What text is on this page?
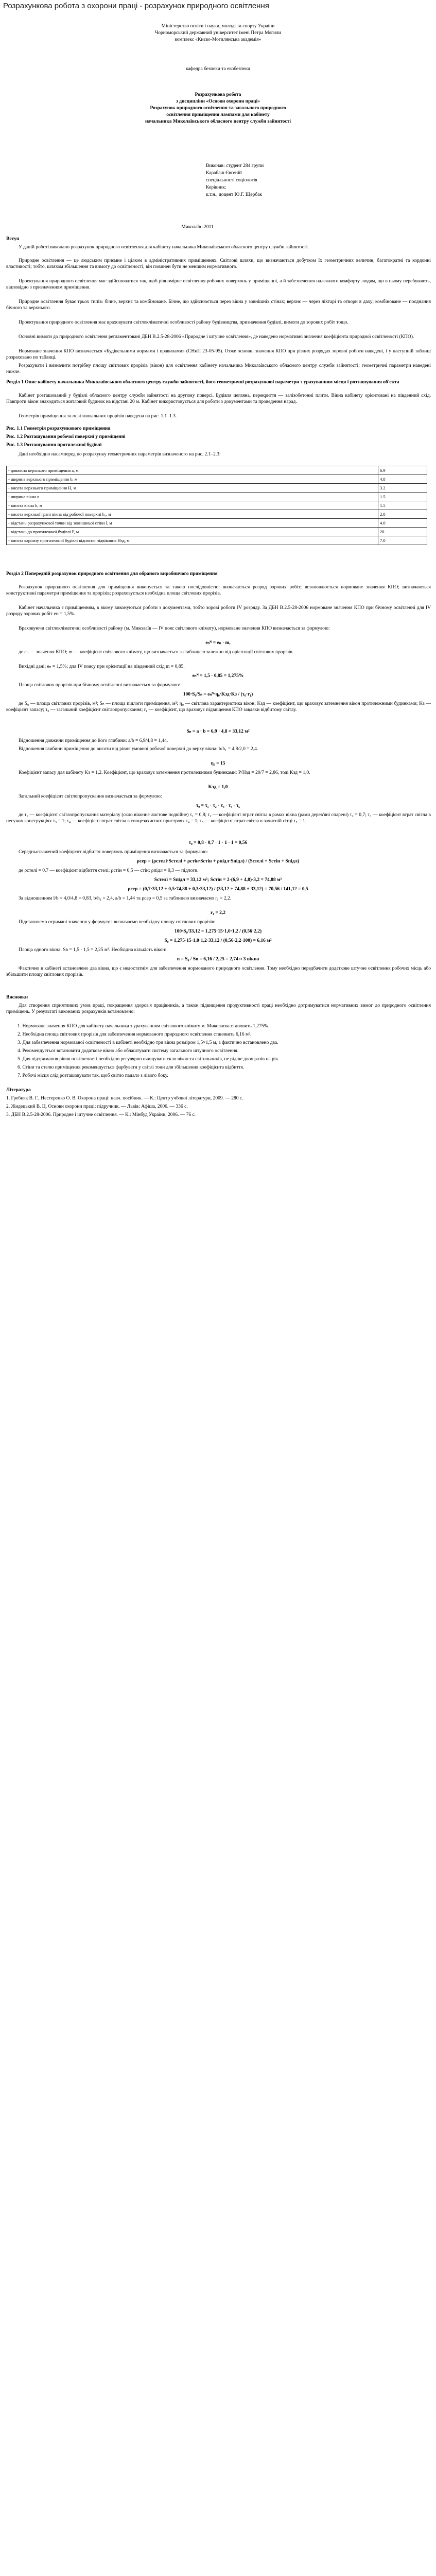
Розрахункова робота з охорони праці - розрахунок природного освітлення
Міністерство освіти і науки, молоді та спорту України
Чорноморський державний університет імені Петра Могили
комплекс «Києво-Могилянська академія»
кафедра безпеки та екобезпеки
Розрахункова робота
з дисципліни «Основи охорони праці»
Розрахунок природного освітлення та загального природного
освітлення приміщення лампами для кабінету
начальника Миколаївського обласного центру служби зайнятості
Виконав: студент 284 групи
Карабаш Євгеній
спеціальності соціологія
Керівник:
к.т.н., доцент Ю.Г. Щербак
Миколаїв -2011
Вступ
У даній роботі виконано розрахунок природного освітлення для кабінету начальника Миколаївського обласного центру служби зайнятості.
Природне освітлення — це людським приємне і цілком в адміністративних приміщеннях. Світлові шляхи, що визначаються добутком їх геометричних величин, багатократні та кордонні властивості; тобто, шляхом збільшення та вимогу до освітленості, вiн повинен бути не меншим нормативного.
Проектування природного освітлення має здійснюватися так, щоб рівномірне освітлення робочих поверхонь у приміщенні, а й забезпечення належного комфорту людям, що в ньому перебувають, відповідно з призначенням приміщення.
Природне освітлення буває трьох типів: бічне, верхнє та комбіноване. Бічне, що здійснюється через вікна у зовнішніх стінах; верхнє — через ліхтарі та отвори в даху; комбіноване — поєднання бічного та верхнього.
Проектування природного освітлення має враховувати світлокліматичні особливості району будівництва, призначення будівлі, вимоги до зорових робіт тощо.
Основні вимоги до природного освітлення регламентовані ДБН В.2.5-28-2006 «Природне і штучне освітлення», де наведено нормативні значення коефіцієнта природної освітленості (КПО).
Нормоване значення КПО визначається «Будівельними нормами і правилами» (СНиП 23-05-95). Отже основні значення КПО при різних розрядах зорової роботи наведені, і у наступній таблиці розраховано по таблиці.
Розрахувати і визначити потрібну площу світлових прорізів (вікон) для освітлення кабінету начальника Миколаївського обласного центру служби зайнятості; геометричні параметри наведені нижче.
Розділ 1 Опис кабінету начальника Миколаївського обласного центру служби зайнятості, його геометричні розрахункові параметри з урахуванням місця і розташування об'єкта
Кабінет розташований у будівлі обласного центру служби зайнятості на другому поверсі. Будівля цегляна, перекриття — залізобетонні плити. Вікна кабінету орієнтовані на південний схід. Навпроти вікон знаходиться житловий будинок на відстані 20 м. Кабінет використовується для роботи з документами та проведення нарад.
Геометрія приміщення та освітлювальних прорізів наведена на рис. 1.1–1.3.
Рис. 1.1 Геометрія розрахункового приміщення
Рис. 1.2 Розташування робочої поверхні у приміщенні
Рис. 1.3 Розташування протилежної будівлі
Дані необхідно насамперед по розрахунку геометричних параметрів визначеного на рис. 2.1–2.3:
- довжина верхнього приміщення a, м	6.9
- ширина верхнього приміщення b, м	4.8
- висота верхнього приміщення H, м	3.2
- ширина вікна в	1.5
- висота вікна h, м	1.5
- висота верхньої грані вікна від робочої поверхні h₁, м	2.0
- відстань розрахункової точки від зовнішньої стіни l, м	4.0
- відстань до протилежної будівлі P, м	20
- висота карнизу протилежної будівлі відносно підвіконня Hзд, м	7.0
Розділ 2 Попередній розрахунок природного освітлення для обраного виробничого приміщення
Розрахунок природного освітлення для приміщення виконується за такою послідовністю: визначається розряд зорових робіт; встановлюється нормоване значення КПО; визначаються конструктивні параметри приміщення та прорізів; розраховується необхідна площа світлових прорізів.
Кабінет начальника є приміщенням, в якому виконуються роботи з документами, тобто зорові роботи IV розряду. За ДБН В.2.5-28-2006 нормоване значення КПО при бічному освітленні для IV розряду зорових робіт eн = 1,5%.
Враховуючи світлокліматичні особливості району (м. Миколаїв — IV пояс світлового клімату), нормоване значення КПО визначається за формулою:
eₙᴺ = eₙ · m,
де eₙ — значення КПО; m — коефіцієнт світлового клімату, що визначається за таблицею залежно від орієнтації світлових прорізів.
Вихідні дані: eₙ = 1,5%; для IV поясу при орієнтації на південний схід m = 0,85.
eₙᴺ = 1,5 · 0,85 = 1,275%
Площа світлових прорізів при бічному освітленні визначається за формулою:
100·S₀/Sₙ = eₙᴺ·η₀·Kзд·Kз / (τ₀·r₁)
де S₀ — площа світлових прорізів, м²; Sₙ — площа підлоги приміщення, м²; η₀ — світлова характеристика вікон; Kзд — коефіцієнт, що враховує затемнення вікон протилежними будинками; Kз — коефіцієнт запасу; τ₀ — загальний коефіцієнт світлопропускання; r₁ — коефіцієнт, що враховує підвищення КПО завдяки відбитому світлу.
Sₙ = a · b = 6,9 · 4,8 = 33,12 м²
Відношення довжини приміщення до його глибини: a/b = 6,9/4,8 = 1,44.
Відношення глибини приміщення до висоти від рівня умовної робочої поверхні до верху вікна: b/h₁ = 4,8/2,0 = 2,4.
η₀ = 15
Коефіцієнт запасу для кабінету Kз = 1,2. Коефіцієнт, що враховує затемнення протилежними будинками: P/Hзд = 20/7 = 2,86, тоді Kзд = 1,0.
Kзд = 1,0
Загальний коефіцієнт світлопропускання визначається за формулою:
τ₀ = τ₁ · τ₂ · τ₃ · τ₄ · τ₅
де τ₁ — коефіцієнт світлопропускання матеріалу (скло віконне листове подвійне) τ₁ = 0,8; τ₂ — коефіцієнт втрат світла в рамах вікна (рами дерев'яні спарені) τ₂ = 0,7; τ₃ — коефіцієнт втрат світла в несучих конструкціях τ₃ = 1; τ₄ — коефіцієнт втрат світла в сонцезахисних пристроях τ₄ = 1; τ₅ — коефіцієнт втрат світла в захисній сітці τ₅ = 1.
τ₀ = 0,8 · 0,7 · 1 · 1 · 1 = 0,56
Середньозважений коефіцієнт відбиття поверхонь приміщення визначається за формулою:
ρсер = (ρстелі·Sстелі + ρстін·Sстін + ρпідл·Sпідл) / (Sстелі + Sстін + Sпідл)
де ρстелі = 0,7 — коефіцієнт відбиття стелі; ρстін = 0,5 — стін; ρпідл = 0,3 — підлоги.
Sстелі = Sпідл = 33,12 м²; Sстін = 2·(6,9 + 4,8)·3,2 = 74,88 м²
ρсер = (0,7·33,12 + 0,5·74,88 + 0,3·33,12) / (33,12 + 74,88 + 33,12) = 70,56 / 141,12 = 0,5
За відношенням l/b = 4,0/4,8 = 0,83, b/h₁ = 2,4, a/b = 1,44 та ρсер = 0,5 за таблицею визначаємо r₁ = 2,2.
r₁ = 2,2
Підставляємо отримані значення у формулу і визначаємо необхідну площу світлових прорізів:
100·S₀/33,12 = 1,275·15·1,0·1,2 / (0,56·2,2)
S₀ = 1,275·15·1,0·1,2·33,12 / (0,56·2,2·100) = 6,16 м²
Площа одного вікна: Sв = 1,5 · 1,5 = 2,25 м². Необхідна кількість вікон:
n = S₀ / Sв = 6,16 / 2,25 = 2,74 ≈ 3 вікна
Фактично в кабінеті встановлено два вікна, що є недостатнім для забезпечення нормованого природного освітлення. Тому необхідно передбачити додаткове штучне освітлення робочих місць або збільшити площу світлових прорізів.
Висновки
Для створення сприятливих умов праці, покращення здоров'я працівників, а також підвищення продуктивності праці необхідно дотримуватися нормативних вимог до природного освітлення приміщень. У результаті виконаних розрахунків встановлено:
1. Нормоване значення КПО для кабінету начальника з урахуванням світлового клімату м. Миколаєва становить 1,275%.
2. Необхідна площа світлових прорізів для забезпечення нормованого природного освітлення становить 6,16 м².
3. Для забезпечення нормованої освітленості в кабінеті необхідно три вікна розміром 1,5×1,5 м, а фактично встановлено два.
4. Рекомендується встановити додаткове вікно або облаштувати систему загального штучного освітлення.
5. Для підтримання рівня освітленості необхідно регулярно очищувати скло вікон та світильників, не рідше двох разів на рік.
6. Стіни та стелю приміщення рекомендується фарбувати у світлі тони для збільшення коефіцієнта відбиття.
7. Робочі місця слід розташовувати так, щоб світло падало з лівого боку.
Література
1. Гребняк В. Г., Нестеренко О. В. Охорона праці: навч. посібник. — К.: Центр учбової літератури, 2009. — 280 с.
2. Жидецький В. Ц. Основи охорони праці: підручник. — Львів: Афіша, 2006. — 336 с.
3. ДБН В.2.5-28-2006. Природне і штучне освітлення. — К.: Мінбуд України, 2006. — 76 с.
